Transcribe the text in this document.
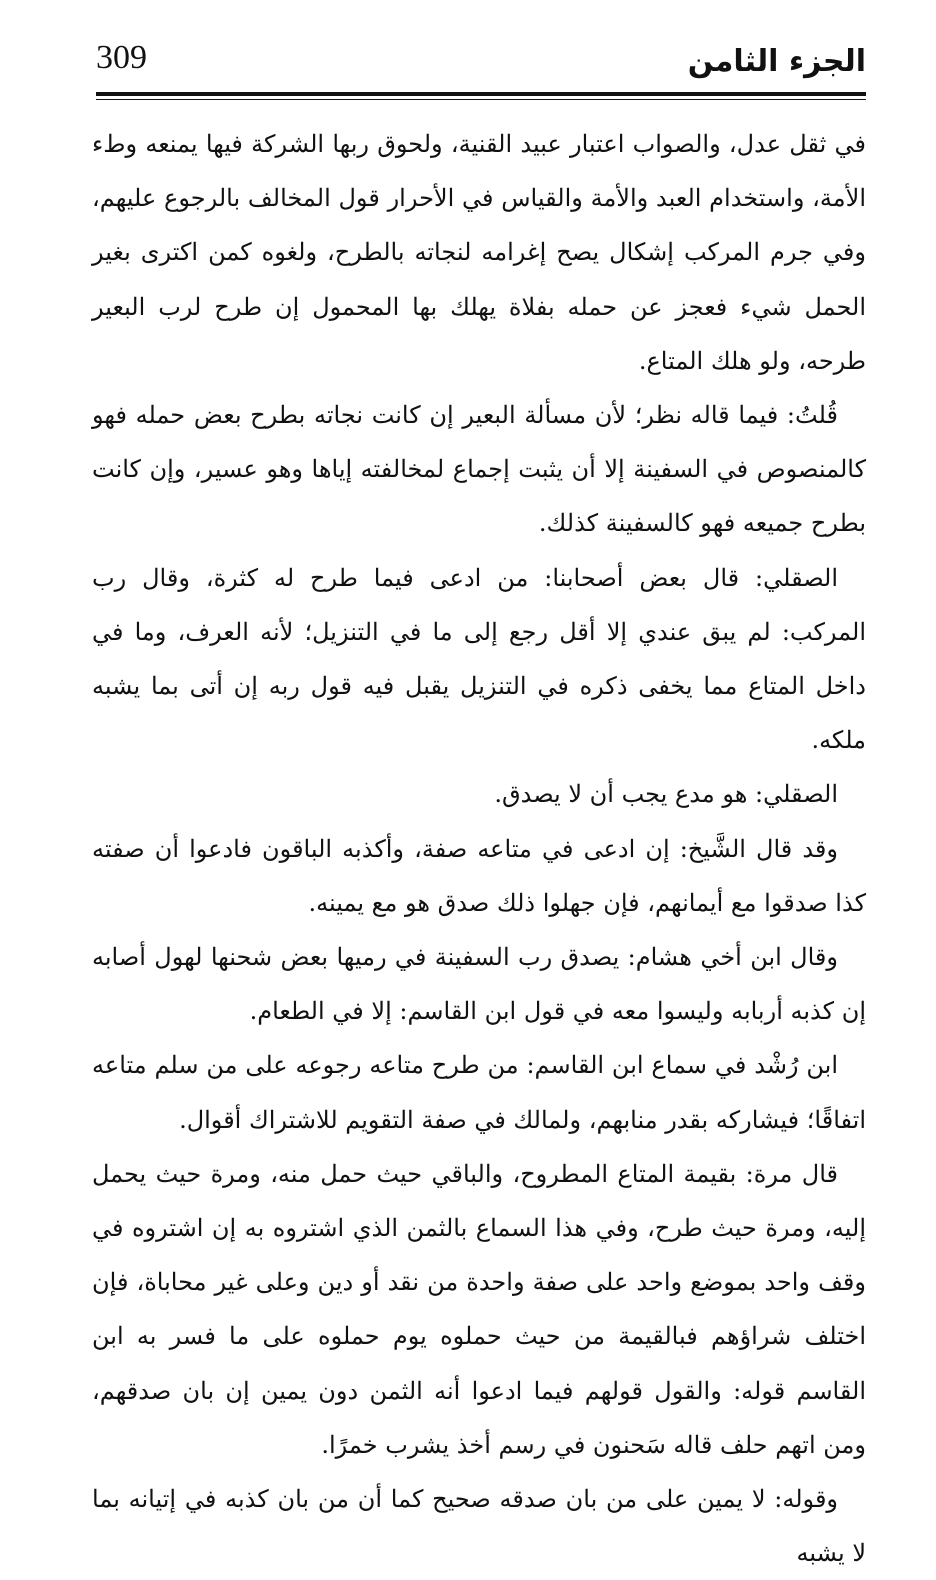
309	الجزء الثامن

في ثقل عدل، والصواب اعتبار عبيد القنية، ولحوق ربها الشركة فيها يمنعه وطء الأمة، واستخدام العبد والأمة والقياس في الأحرار قول المخالف بالرجوع عليهم، وفي جرم المركب إشكال يصح إغرامه لنجاته بالطرح، ولغوه كمن اكترى بغير الحمل شيء فعجز عن حمله بفلاة يهلك بها المحمول إن طرح لرب البعير طرحه، ولو هلك المتاع.

قُلتُ: فيما قاله نظر؛ لأن مسألة البعير إن كانت نجاته بطرح بعض حمله فهو كالمنصوص في السفينة إلا أن يثبت إجماع لمخالفته إياها وهو عسير، وإن كانت بطرح جميعه فهو كالسفينة كذلك.

الصقلي: قال بعض أصحابنا: من ادعى فيما طرح له كثرة، وقال رب المركب: لم يبق عندي إلا أقل رجع إلى ما في التنزيل؛ لأنه العرف، وما في داخل المتاع مما يخفى ذكره في التنزيل يقبل فيه قول ربه إن أتى بما يشبه ملكه.

الصقلي: هو مدع يجب أن لا يصدق.

وقد قال الشَّيخ: إن ادعى في متاعه صفة، وأكذبه الباقون فادعوا أن صفته كذا صدقوا مع أيمانهم، فإن جهلوا ذلك صدق هو مع يمينه.

وقال ابن أخي هشام: يصدق رب السفينة في رميها بعض شحنها لهول أصابه إن كذبه أربابه وليسوا معه في قول ابن القاسم: إلا في الطعام.

ابن رُشْد في سماع ابن القاسم: من طرح متاعه رجوعه على من سلم متاعه اتفاقًا؛ فيشاركه بقدر منابهم، ولمالك في صفة التقويم للاشتراك أقوال.

قال مرة: بقيمة المتاع المطروح، والباقي حيث حمل منه، ومرة حيث يحمل إليه، ومرة حيث طرح، وفي هذا السماع بالثمن الذي اشتروه به إن اشتروه في وقف واحد بموضع واحد على صفة واحدة من نقد أو دين وعلى غير محاباة، فإن اختلف شراؤهم فبالقيمة من حيث حملوه يوم حملوه على ما فسر به ابن القاسم قوله: والقول قولهم فيما ادعوا أنه الثمن دون يمين إن بان صدقهم، ومن اتهم حلف قاله سَحنون في رسم أخذ يشرب خمرًا.

وقوله: لا يمين على من بان صدقه صحيح كما أن من بان كذبه في إتيانه بما لا يشبه
